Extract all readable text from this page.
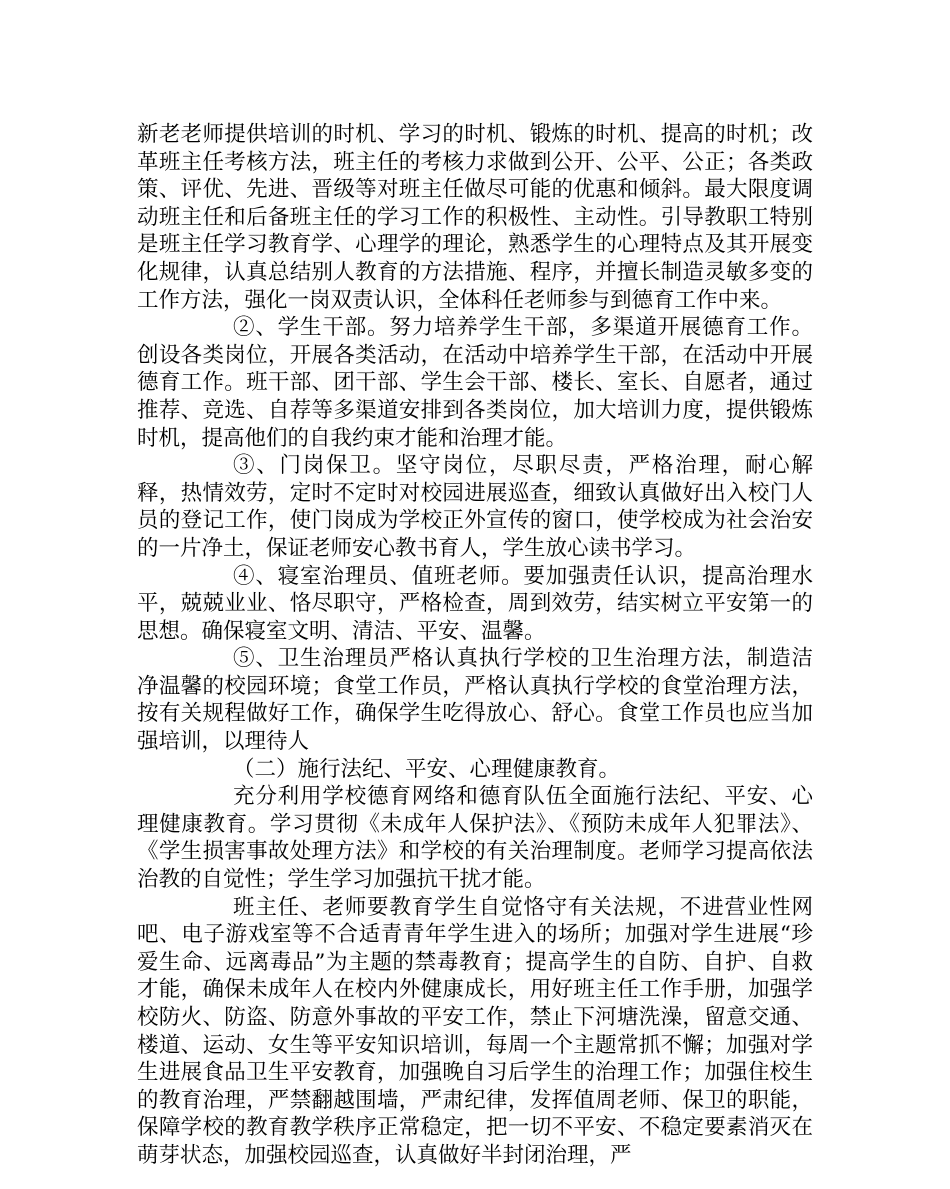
新老老师提供培训的时机、学习的时机、锻炼的时机、提高的时机；改革班主任考核方法，班主任的考核力求做到公开、公平、公正；各类政策、评优、先进、晋级等对班主任做尽可能的优惠和倾斜。最大限度调动班主任和后备班主任的学习工作的积极性、主动性。引导教职工特别是班主任学习教育学、心理学的理论，熟悉学生的心理特点及其开展变化规律，认真总结别人教育的方法措施、程序，并擅长制造灵敏多变的工作方法，强化一岗双责认识，全体科任老师参与到德育工作中来。

②、学生干部。努力培养学生干部，多渠道开展德育工作。创设各类岗位，开展各类活动，在活动中培养学生干部，在活动中开展德育工作。班干部、团干部、学生会干部、楼长、室长、自愿者，通过推荐、竞选、自荐等多渠道安排到各类岗位，加大培训力度，提供锻炼时机，提高他们的自我约束才能和治理才能。

③、门岗保卫。坚守岗位，尽职尽责，严格治理，耐心解释，热情效劳，定时不定时对校园进展巡查，细致认真做好出入校门人员的登记工作，使门岗成为学校正外宣传的窗口，使学校成为社会治安的一片净土，保证老师安心教书育人，学生放心读书学习。

④、寝室治理员、值班老师。要加强责任认识，提高治理水平，兢兢业业、恪尽职守，严格检查，周到效劳，结实树立平安第一的思想。确保寝室文明、清洁、平安、温馨。

⑤、卫生治理员严格认真执行学校的卫生治理方法，制造洁净温馨的校园环境；食堂工作员，严格认真执行学校的食堂治理方法，按有关规程做好工作，确保学生吃得放心、舒心。食堂工作员也应当加强培训，以理待人

（二）施行法纪、平安、心理健康教育。

充分利用学校德育网络和德育队伍全面施行法纪、平安、心理健康教育。学习贯彻《未成年人保护法》、《预防未成年人犯罪法》、《学生损害事故处理方法》和学校的有关治理制度。老师学习提高依法治教的自觉性；学生学习加强抗干扰才能。

班主任、老师要教育学生自觉恪守有关法规，不进营业性网吧、电子游戏室等不合适青青年学生进入的场所；加强对学生进展“珍爱生命、远离毒品”为主题的禁毒教育；提高学生的自防、自护、自救才能，确保未成年人在校内外健康成长，用好班主任工作手册，加强学校防火、防盗、防意外事故的平安工作，禁止下河塘洗澡，留意交通、楼道、运动、女生等平安知识培训，每周一个主题常抓不懈；加强对学生进展食品卫生平安教育，加强晚自习后学生的治理工作；加强住校生的教育治理，严禁翻越围墙，严肃纪律，发挥值周老师、保卫的职能，保障学校的教育教学秩序正常稳定，把一切不平安、不稳定要素消灭在萌芽状态，加强校园巡查，认真做好半封闭治理，严
